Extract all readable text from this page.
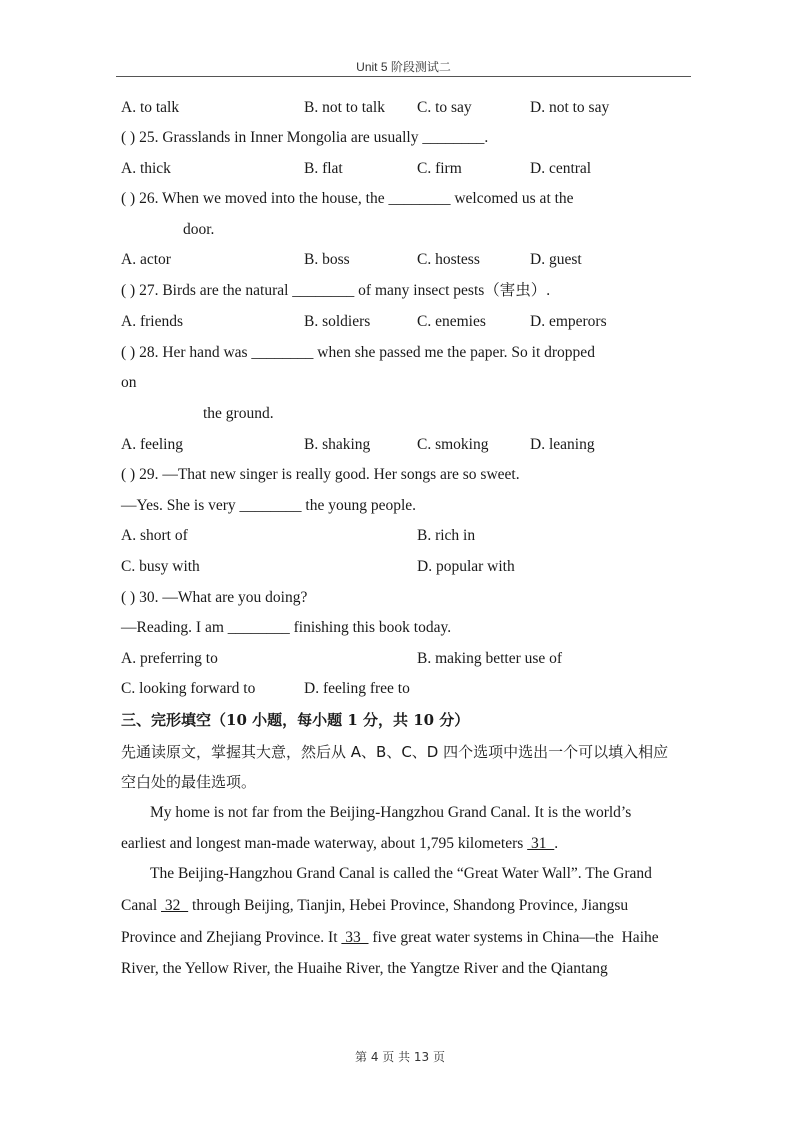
Unit 5 阶段测试二
A. to talk	B. not to talk C. to say	D. not to say
( ) 25. Grasslands in Inner Mongolia are usually ________.
A. thick	B. flat	C. firm	D. central
( ) 26. When we moved into the house, the ________ welcomed us at the
door.
A. actor	B. boss	C. hostess	D. guest
( ) 27. Birds are the natural ________ of many insect pests（害虫）.
A. friends	B. soldiers	C. enemies	D. emperors
( ) 28. Her hand was ________ when she passed me the paper. So it dropped
on
the ground.
A. feeling	B. shaking	C. smoking	D. leaning
( ) 29. —That new singer is really good. Her songs are so sweet.
—Yes. She is very ________ the young people.
A. short of	B. rich in
C. busy with	D. popular with
( ) 30. —What are you doing?
—Reading. I am ________ finishing this book today.
A. preferring to	B. making better use of
C. looking forward to	D. feeling free to
三、完形填空（10 小题，每小题 1 分，共 10 分）
先通读原文，掌握其大意，然后从 A、B、C、D 四个选项中选出一个可以填入相应
空白处的最佳选项。
My home is not far from the Beijing-Hangzhou Grand Canal. It is the world’s
earliest and longest man-made waterway, about 1,795 kilometers  31  .
The Beijing-Hangzhou Grand Canal is called the “Great Water Wall”. The Grand
Canal  32   through Beijing, Tianjin, Hebei Province, Shandong Province, Jiangsu
Province and Zhejiang Province. It  33   five great water systems in China—the  Haihe
River, the Yellow River, the Huaihe River, the Yangtze River and the Qiantang
第 4 页 共 13 页
